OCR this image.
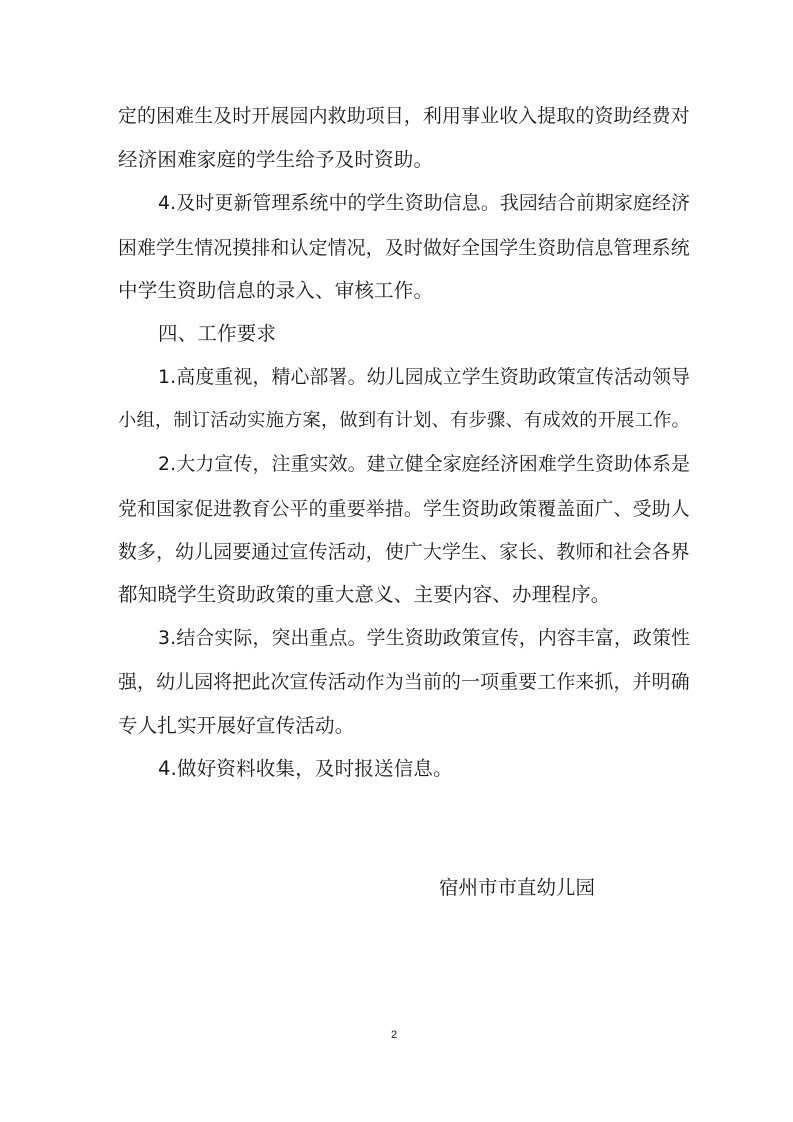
定的困难生及时开展园内救助项目，利用事业收入提取的资助经费对
经济困难家庭的学生给予及时资助。
4.及时更新管理系统中的学生资助信息。我园结合前期家庭经济
困难学生情况摸排和认定情况，及时做好全国学生资助信息管理系统
中学生资助信息的录入、审核工作。
四、工作要求
1.高度重视，精心部署。幼儿园成立学生资助政策宣传活动领导
小组，制订活动实施方案，做到有计划、有步骤、有成效的开展工作。
2.大力宣传，注重实效。建立健全家庭经济困难学生资助体系是
党和国家促进教育公平的重要举措。学生资助政策覆盖面广、受助人
数多，幼儿园要通过宣传活动，使广大学生、家长、教师和社会各界
都知晓学生资助政策的重大意义、主要内容、办理程序。
3.结合实际，突出重点。学生资助政策宣传，内容丰富，政策性
强，幼儿园将把此次宣传活动作为当前的一项重要工作来抓，并明确
专人扎实开展好宣传活动。
4.做好资料收集，及时报送信息。
宿州市市直幼儿园
2
